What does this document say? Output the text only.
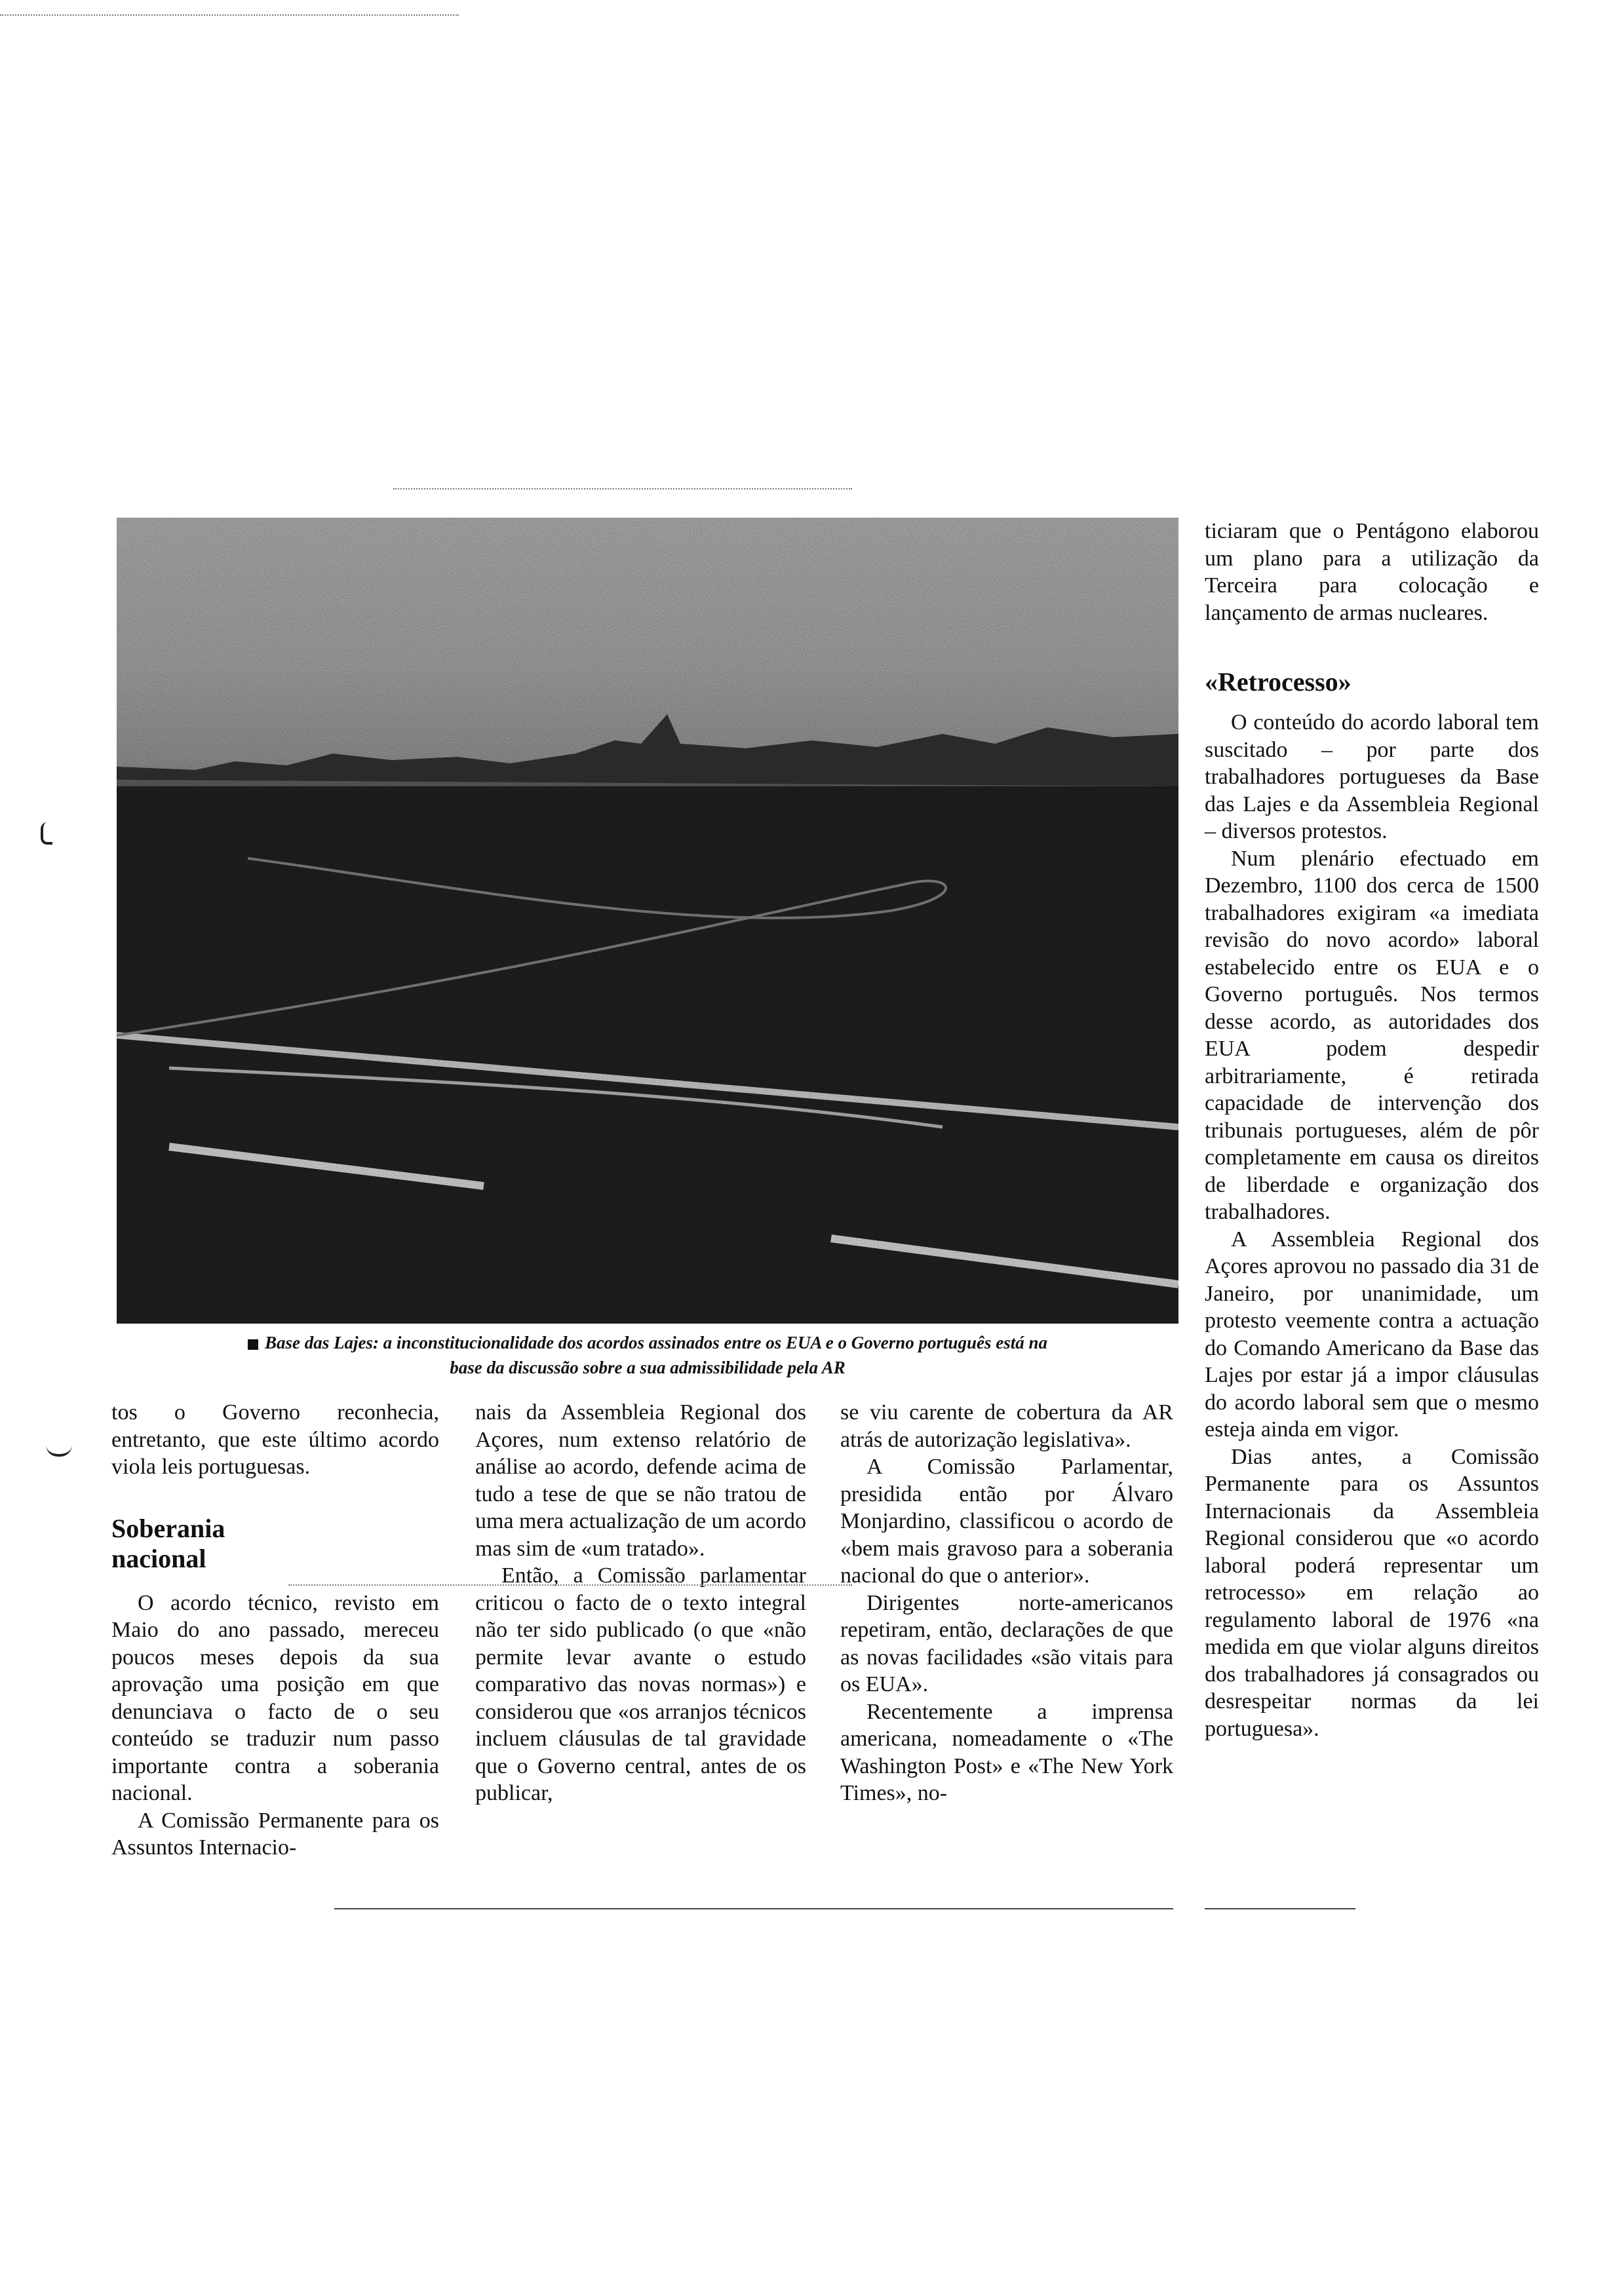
Base das Lajes: a inconstitucionalidade dos acordos assinados entre os EUA e o Governo português está na
base da discussão sobre a sua admissibilidade pela AR

tos o Governo reconhecia, entretanto, que este último acordo viola leis portuguesas.

Soberania
nacional

O acordo técnico, revisto em Maio do ano passado, mereceu poucos meses depois da sua aprovação uma posição em que denunciava o facto de o seu conteúdo se traduzir num passo importante contra a soberania nacional.

A Comissão Permanente para os Assuntos Internacio-

nais da Assembleia Regional dos Açores, num extenso relatório de análise ao acordo, defende acima de tudo a tese de que se não tratou de uma mera actualização de um acordo mas sim de «um tratado».

Então, a Comissão parlamentar criticou o facto de o texto integral não ter sido publicado (o que «não permite levar avante o estudo comparativo das novas normas») e considerou que «os arranjos técnicos incluem cláusulas de tal gravidade que o Governo central, antes de os publicar,

se viu carente de cobertura da AR atrás de autorização legislativa».

A Comissão Parlamentar, presidida então por Álvaro Monjardino, classificou o acordo de «bem mais gravoso para a soberania nacional do que o anterior».

Dirigentes norte-americanos repetiram, então, declarações de que as novas facilidades «são vitais para os EUA».

Recentemente a imprensa americana, nomeadamente o «The Washington Post» e «The New York Times», no-

ticiaram que o Pentágono elaborou um plano para a utilização da Terceira para colocação e lançamento de armas nucleares.

«Retrocesso»

O conteúdo do acordo laboral tem suscitado – por parte dos trabalhadores portugueses da Base das Lajes e da Assembleia Regional – diversos protestos.

Num plenário efectuado em Dezembro, 1100 dos cerca de 1500 trabalhadores exigiram «a imediata revisão do novo acordo» laboral estabelecido entre os EUA e o Governo português. Nos termos desse acordo, as autoridades dos EUA podem despedir arbitrariamente, é retirada capacidade de intervenção dos tribunais portugueses, além de pôr completamente em causa os direitos de liberdade e organização dos trabalhadores.

A Assembleia Regional dos Açores aprovou no passado dia 31 de Janeiro, por unanimidade, um protesto veemente contra a actuação do Comando Americano da Base das Lajes por estar já a impor cláusulas do acordo laboral sem que o mesmo esteja ainda em vigor.

Dias antes, a Comissão Permanente para os Assuntos Internacionais da Assembleia Regional considerou que «o acordo laboral poderá representar um retrocesso» em relação ao regulamento laboral de 1976 «na medida em que violar alguns direitos dos trabalhadores já consagrados ou desrespeitar normas da lei portuguesa».
